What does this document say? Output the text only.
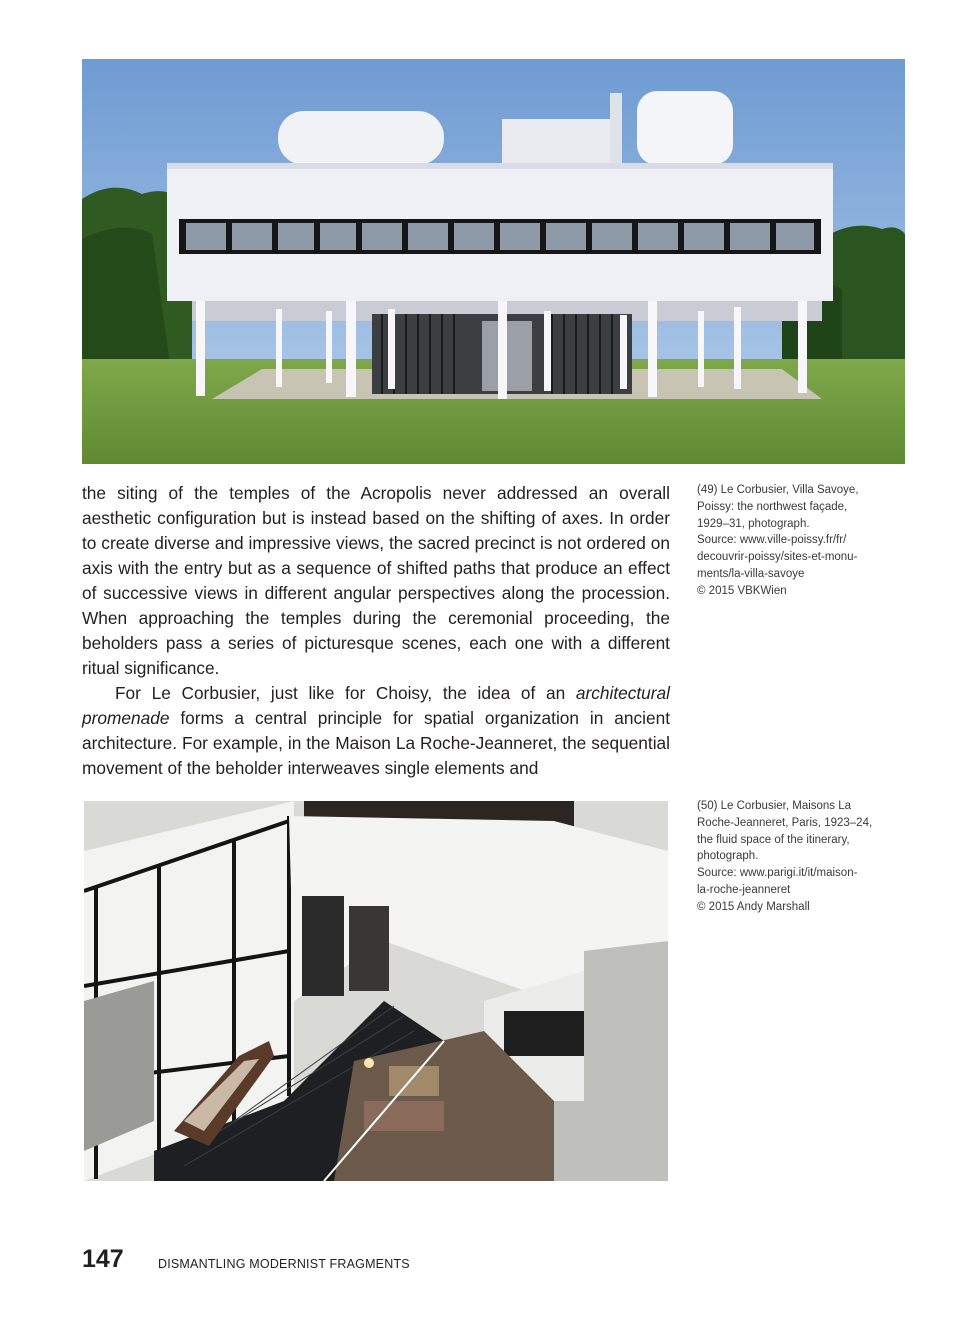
the siting of the temples of the Acropolis never addressed an overall aesthetic configuration but is instead based on the shifting of axes. In order to create diverse and impressive views, the sacred precinct is not ordered on axis with the entry but as a sequence of shifted paths that produce an effect of successive views in different angular perspectives along the procession. When approaching the temples during the ceremonial proceeding, the beholders pass a series of picturesque scenes, each one with a different ritual significance.

For Le Corbusier, just like for Choisy, the idea of an architectural promenade forms a central principle for spatial organization in ancient architecture. For example, in the Maison La Roche-Jeanneret, the sequential movement of the beholder interweaves single elements and

(49) Le Corbusier, Villa Savoye,
Poissy: the northwest façade,
1929–31, photograph.
Source: www.ville-poissy.fr/fr/
decouvrir-poissy/sites-et-monu-
ments/la-villa-savoye
© 2015 VBKWien
(50) Le Corbusier, Maisons La
Roche-Jeanneret, Paris, 1923–24,
the fluid space of the itinerary,
photograph.
Source: www.parigi.it/it/maison-
la-roche-jeanneret
© 2015 Andy Marshall
147	DISMANTLING MODERNIST FRAGMENTS
